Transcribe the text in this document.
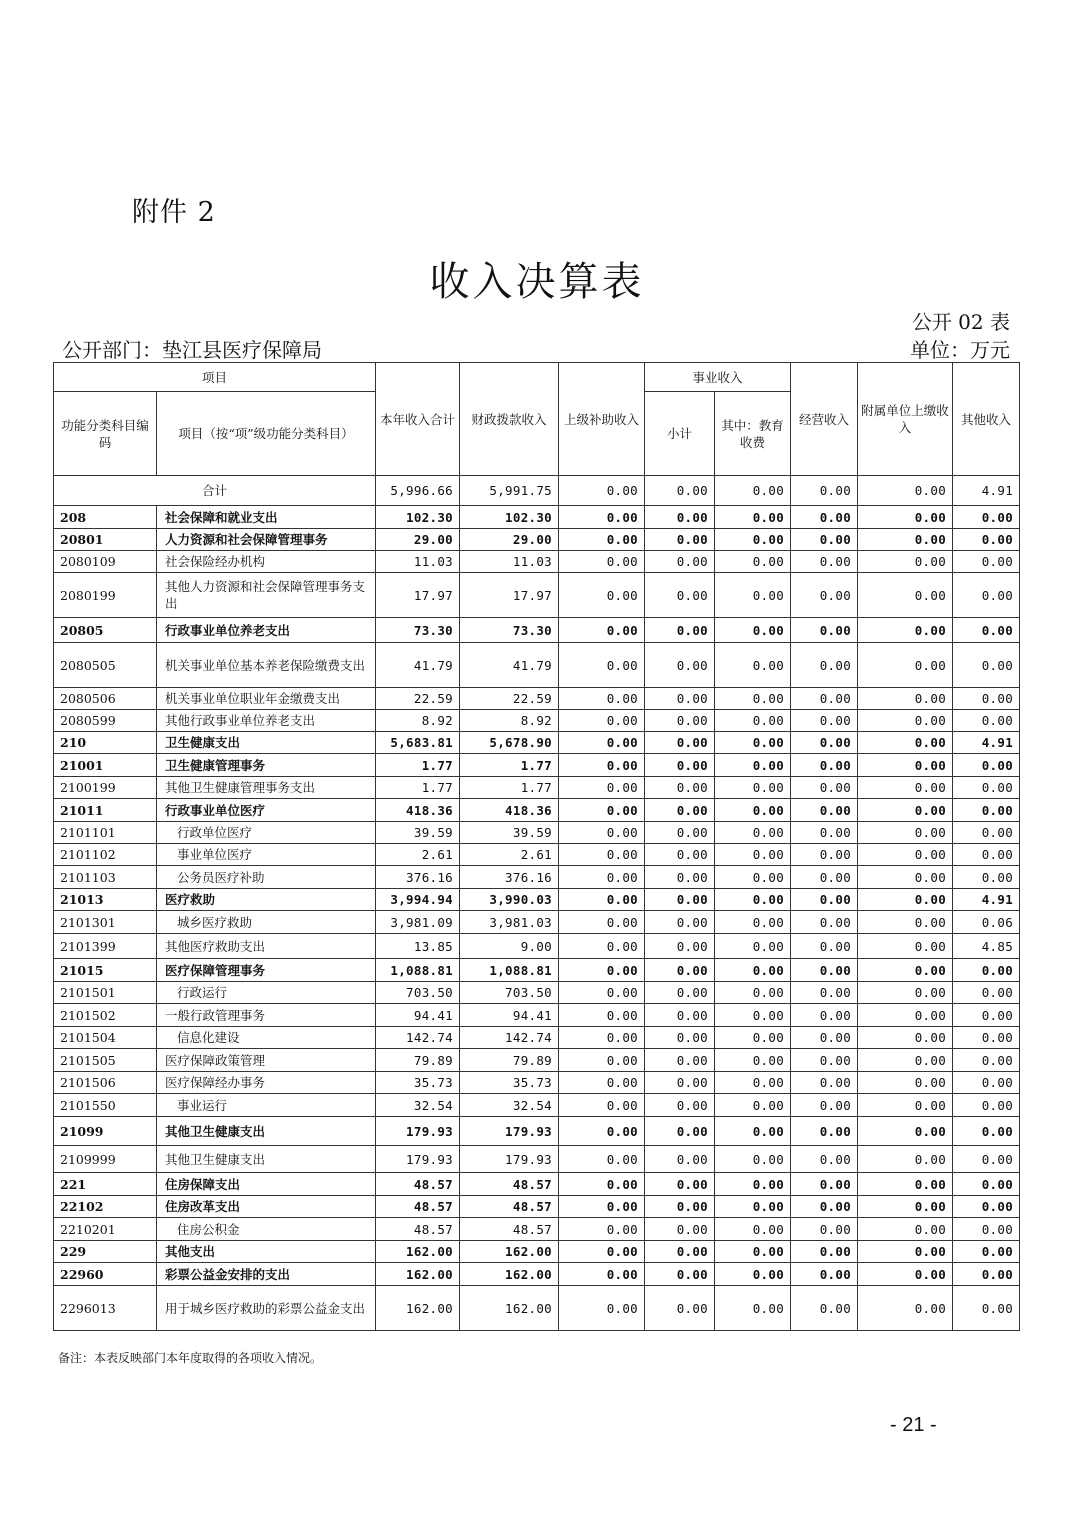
附件 2
收入决算表
公开 02 表
公开部门：垫江县医疗保障局	单位：万元
项目		本年收入合计	财政拨款收入	上级补助收入	事业收入		经营收入	附属单位上缴收入	其他收入
功能分类科目编码	项目（按“项”级功能分类科目）				小计	其中：教育收费			
合计		5,996.66	5,991.75	0.00	0.00	0.00	0.00	0.00	4.91
208	社会保障和就业支出	102.30	102.30	0.00	0.00	0.00	0.00	0.00	0.00
20801	人力资源和社会保障管理事务	29.00	29.00	0.00	0.00	0.00	0.00	0.00	0.00
2080109	社会保险经办机构	11.03	11.03	0.00	0.00	0.00	0.00	0.00	0.00
2080199	其他人力资源和社会保障管理事务支出	17.97	17.97	0.00	0.00	0.00	0.00	0.00	0.00
20805	行政事业单位养老支出	73.30	73.30	0.00	0.00	0.00	0.00	0.00	0.00
2080505	机关事业单位基本养老保险缴费支出	41.79	41.79	0.00	0.00	0.00	0.00	0.00	0.00
2080506	机关事业单位职业年金缴费支出	22.59	22.59	0.00	0.00	0.00	0.00	0.00	0.00
2080599	其他行政事业单位养老支出	8.92	8.92	0.00	0.00	0.00	0.00	0.00	0.00
210	卫生健康支出	5,683.81	5,678.90	0.00	0.00	0.00	0.00	0.00	4.91
21001	卫生健康管理事务	1.77	1.77	0.00	0.00	0.00	0.00	0.00	0.00
2100199	其他卫生健康管理事务支出	1.77	1.77	0.00	0.00	0.00	0.00	0.00	0.00
21011	行政事业单位医疗	418.36	418.36	0.00	0.00	0.00	0.00	0.00	0.00
2101101	行政单位医疗	39.59	39.59	0.00	0.00	0.00	0.00	0.00	0.00
2101102	事业单位医疗	2.61	2.61	0.00	0.00	0.00	0.00	0.00	0.00
2101103	公务员医疗补助	376.16	376.16	0.00	0.00	0.00	0.00	0.00	0.00
21013	医疗救助	3,994.94	3,990.03	0.00	0.00	0.00	0.00	0.00	4.91
2101301	城乡医疗救助	3,981.09	3,981.03	0.00	0.00	0.00	0.00	0.00	0.06
2101399	其他医疗救助支出	13.85	9.00	0.00	0.00	0.00	0.00	0.00	4.85
21015	医疗保障管理事务	1,088.81	1,088.81	0.00	0.00	0.00	0.00	0.00	0.00
2101501	行政运行	703.50	703.50	0.00	0.00	0.00	0.00	0.00	0.00
2101502	一般行政管理事务	94.41	94.41	0.00	0.00	0.00	0.00	0.00	0.00
2101504	信息化建设	142.74	142.74	0.00	0.00	0.00	0.00	0.00	0.00
2101505	医疗保障政策管理	79.89	79.89	0.00	0.00	0.00	0.00	0.00	0.00
2101506	医疗保障经办事务	35.73	35.73	0.00	0.00	0.00	0.00	0.00	0.00
2101550	事业运行	32.54	32.54	0.00	0.00	0.00	0.00	0.00	0.00
21099	其他卫生健康支出	179.93	179.93	0.00	0.00	0.00	0.00	0.00	0.00
2109999	其他卫生健康支出	179.93	179.93	0.00	0.00	0.00	0.00	0.00	0.00
221	住房保障支出	48.57	48.57	0.00	0.00	0.00	0.00	0.00	0.00
22102	住房改革支出	48.57	48.57	0.00	0.00	0.00	0.00	0.00	0.00
2210201	住房公积金	48.57	48.57	0.00	0.00	0.00	0.00	0.00	0.00
229	其他支出	162.00	162.00	0.00	0.00	0.00	0.00	0.00	0.00
22960	彩票公益金安排的支出	162.00	162.00	0.00	0.00	0.00	0.00	0.00	0.00
2296013	用于城乡医疗救助的彩票公益金支出	162.00	162.00	0.00	0.00	0.00	0.00	0.00	0.00
备注：本表反映部门本年度取得的各项收入情况。
- 21 -
